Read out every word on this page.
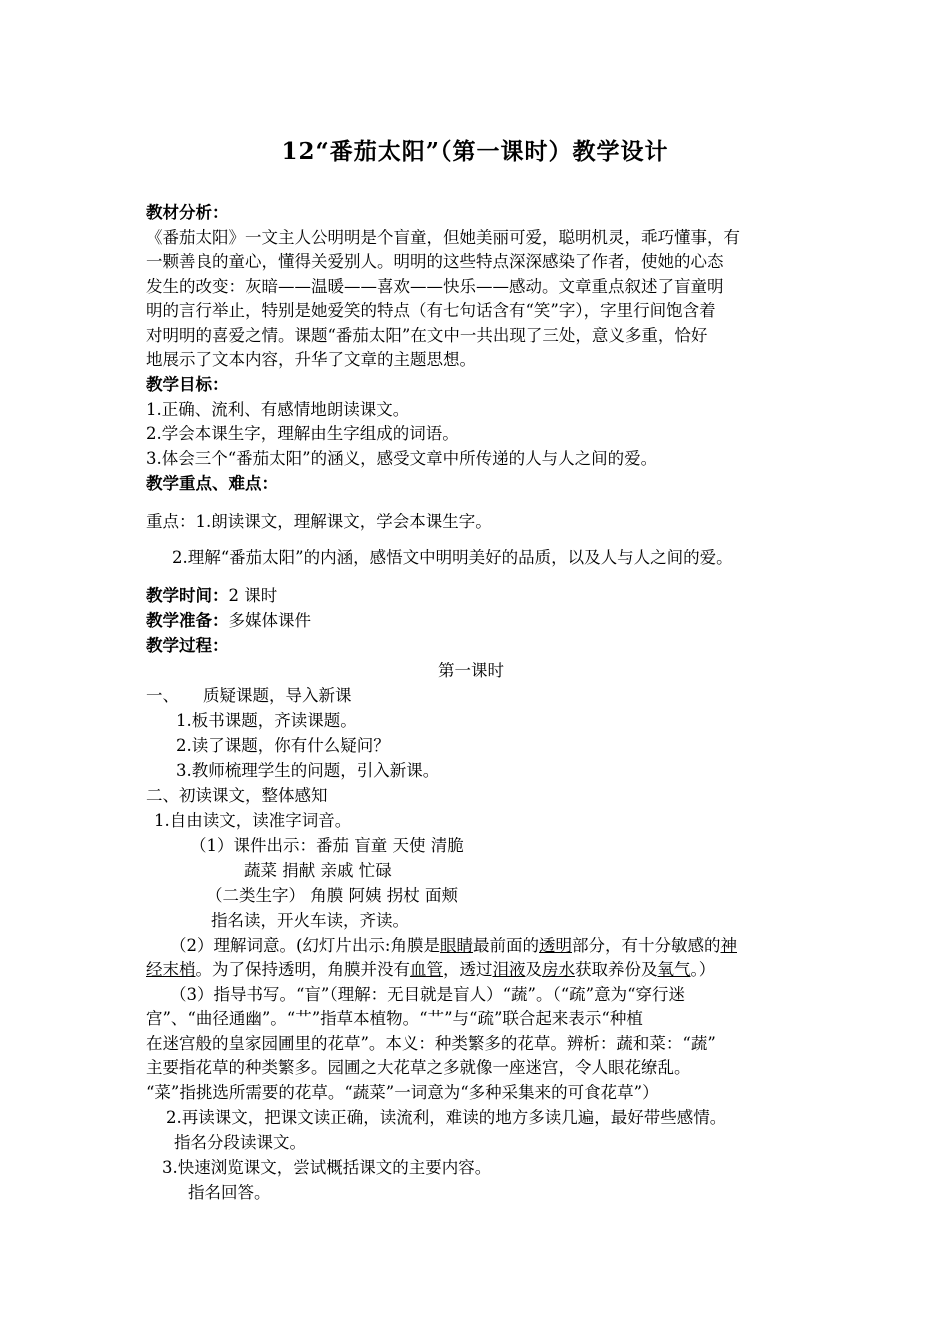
12“番茄太阳”（第一课时）教学设计
教材分析：
《番茄太阳》一文主人公明明是个盲童，但她美丽可爱，聪明机灵，乖巧懂事，有
一颗善良的童心，懂得关爱别人。明明的这些特点深深感染了作者，使她的心态
发生的改变：灰暗——温暖——喜欢——快乐——感动。文章重点叙述了盲童明
明的言行举止，特别是她爱笑的特点（有七句话含有“笑”字），字里行间饱含着
对明明的喜爱之情。课题“番茄太阳”在文中一共出现了三处，意义多重，恰好
地展示了文本内容，升华了文章的主题思想。
教学目标：
1.正确、流利、有感情地朗读课文。
2.学会本课生字，理解由生字组成的词语。
3.体会三个“番茄太阳”的涵义，感受文章中所传递的人与人之间的爱。
教学重点、难点：
重点：1.朗读课文，理解课文，学会本课生字。
2.理解“番茄太阳”的内涵，感悟文中明明美好的品质，以及人与人之间的爱。
教学时间：2 课时
教学准备：多媒体课件
教学过程：
第一课时
一、 质疑课题，导入新课
1.板书课题，齐读课题。
2.读了课题，你有什么疑问？
3.教师梳理学生的问题，引入新课。
二、初读课文，整体感知
1.自由读文，读准字词音。
（1）课件出示：番茄 盲童 天使 清脆
蔬菜 捐献 亲戚 忙碌
（二类生字） 角膜 阿姨 拐杖 面颊
指名读，开火车读，齐读。
（2）理解词意。(幻灯片出示:角膜是眼睛最前面的透明部分，有十分敏感的神
经末梢。为了保持透明，角膜并没有血管，透过泪液及房水获取养份及氧气。）
（3）指导书写。“盲”（理解：无目就是盲人）“蔬”。（“疏”意为“穿行迷
宫”、“曲径通幽”。“艹”指草本植物。“艹”与“疏”联合起来表示“种植
在迷宫般的皇家园圃里的花草”。本义：种类繁多的花草。辨析：蔬和菜：“蔬”
主要指花草的种类繁多。园圃之大花草之多就像一座迷宫，令人眼花缭乱。
“菜”指挑选所需要的花草。“蔬菜”一词意为“多种采集来的可食花草”）
2.再读课文，把课文读正确，读流利，难读的地方多读几遍，最好带些感情。
指名分段读课文。
3.快速浏览课文，尝试概括课文的主要内容。
指名回答。
